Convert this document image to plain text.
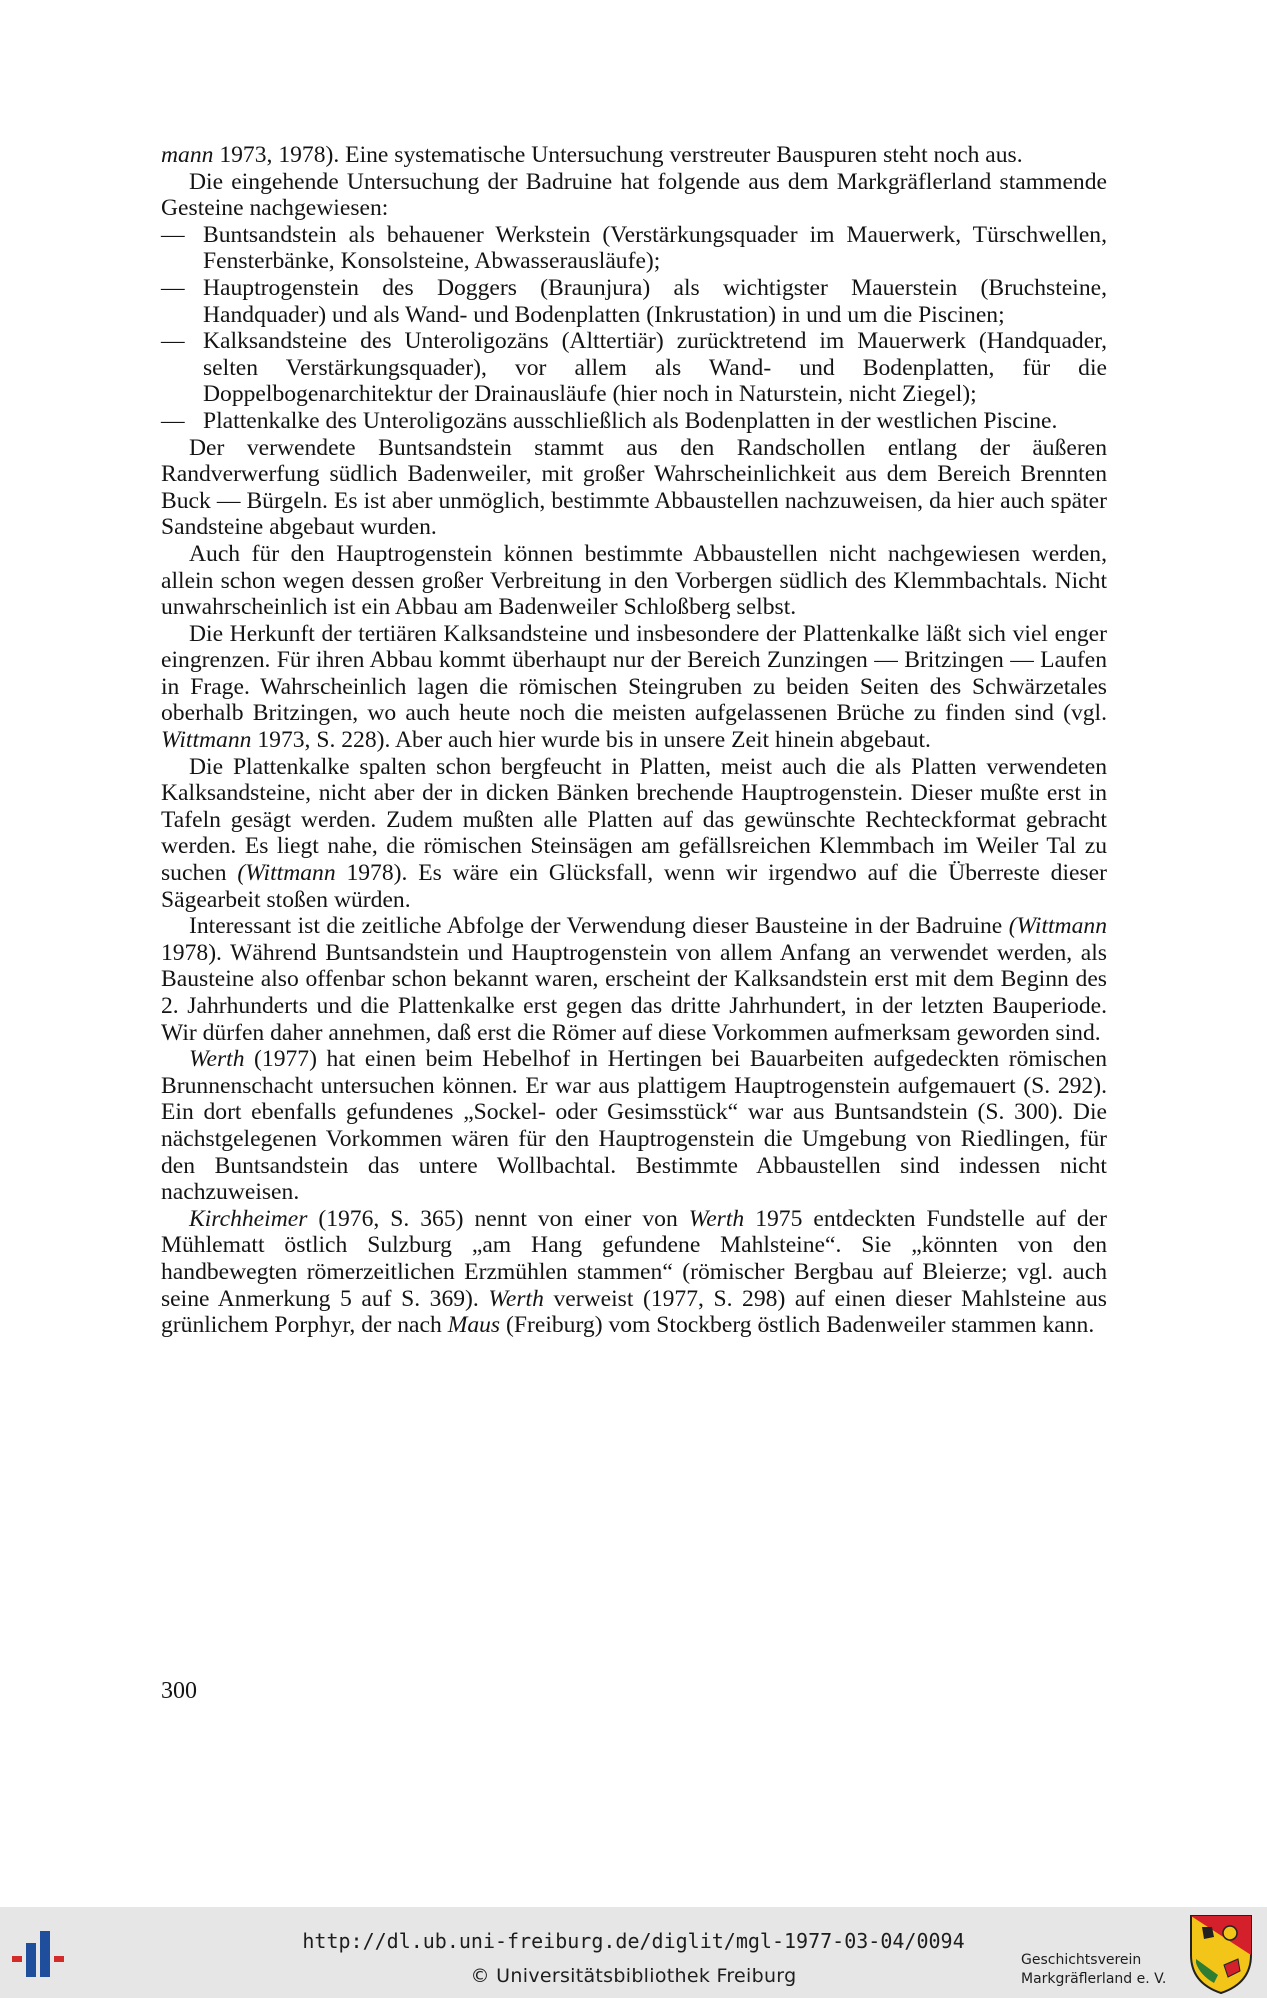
mann 1973, 1978). Eine systematische Untersuchung verstreuter Bauspuren steht noch aus.

Die eingehende Untersuchung der Badruine hat folgende aus dem Markgräflerland stammende Gesteine nachgewiesen:

— Buntsandstein als behauener Werkstein (Verstärkungsquader im Mauerwerk, Türschwellen, Fensterbänke, Konsolsteine, Abwasserausläufe);

— Hauptrogenstein des Doggers (Braunjura) als wichtigster Mauerstein (Bruchsteine, Handquader) und als Wand- und Bodenplatten (Inkrustation) in und um die Piscinen;

— Kalksandsteine des Unteroligozäns (Alttertiär) zurücktretend im Mauerwerk (Handquader, selten Verstärkungsquader), vor allem als Wand- und Bodenplatten, für die Doppelbogenarchitektur der Drainausläufe (hier noch in Naturstein, nicht Ziegel);

— Plattenkalke des Unteroligozäns ausschließlich als Bodenplatten in der westlichen Piscine.

Der verwendete Buntsandstein stammt aus den Randschollen entlang der äußeren Randverwerfung südlich Badenweiler, mit großer Wahrscheinlichkeit aus dem Bereich Brennten Buck — Bürgeln. Es ist aber unmöglich, bestimmte Abbaustellen nachzuweisen, da hier auch später Sandsteine abgebaut wurden.

Auch für den Hauptrogenstein können bestimmte Abbaustellen nicht nachgewiesen werden, allein schon wegen dessen großer Verbreitung in den Vorbergen südlich des Klemmbachtals. Nicht unwahrscheinlich ist ein Abbau am Badenweiler Schloßberg selbst.

Die Herkunft der tertiären Kalksandsteine und insbesondere der Plattenkalke läßt sich viel enger eingrenzen. Für ihren Abbau kommt überhaupt nur der Bereich Zunzingen — Britzingen — Laufen in Frage. Wahrscheinlich lagen die römischen Steingruben zu beiden Seiten des Schwärzetales oberhalb Britzingen, wo auch heute noch die meisten aufgelassenen Brüche zu finden sind (vgl. Wittmann 1973, S. 228). Aber auch hier wurde bis in unsere Zeit hinein abgebaut.

Die Plattenkalke spalten schon bergfeucht in Platten, meist auch die als Platten verwendeten Kalksandsteine, nicht aber der in dicken Bänken brechende Hauptrogenstein. Dieser mußte erst in Tafeln gesägt werden. Zudem mußten alle Platten auf das gewünschte Rechteckformat gebracht werden. Es liegt nahe, die römischen Steinsägen am gefällsreichen Klemmbach im Weiler Tal zu suchen (Wittmann 1978). Es wäre ein Glücksfall, wenn wir irgendwo auf die Überreste dieser Sägearbeit stoßen würden.

Interessant ist die zeitliche Abfolge der Verwendung dieser Bausteine in der Badruine (Wittmann 1978). Während Buntsandstein und Hauptrogenstein von allem Anfang an verwendet werden, als Bausteine also offenbar schon bekannt waren, erscheint der Kalksandstein erst mit dem Beginn des 2. Jahrhunderts und die Plattenkalke erst gegen das dritte Jahrhundert, in der letzten Bauperiode. Wir dürfen daher annehmen, daß erst die Römer auf diese Vorkommen aufmerksam geworden sind.

Werth (1977) hat einen beim Hebelhof in Hertingen bei Bauarbeiten aufgedeckten römischen Brunnenschacht untersuchen können. Er war aus plattigem Hauptrogenstein aufgemauert (S. 292). Ein dort ebenfalls gefundenes „Sockel- oder Gesimsstück“ war aus Buntsandstein (S. 300). Die nächstgelegenen Vorkommen wären für den Hauptrogenstein die Umgebung von Riedlingen, für den Buntsandstein das untere Wollbachtal. Bestimmte Abbaustellen sind indessen nicht nachzuweisen.

Kirchheimer (1976, S. 365) nennt von einer von Werth 1975 entdeckten Fundstelle auf der Mühlematt östlich Sulzburg „am Hang gefundene Mahlsteine“. Sie „könnten von den handbewegten römerzeitlichen Erzmühlen stammen“ (römischer Bergbau auf Bleierze; vgl. auch seine Anmerkung 5 auf S. 369). Werth verweist (1977, S. 298) auf einen dieser Mahlsteine aus grünlichem Porphyr, der nach Maus (Freiburg) vom Stockberg östlich Badenweiler stammen kann.

300
http://dl.ub.uni-freiburg.de/diglit/mgl-1977-03-04/0094
© Universitätsbibliothek Freiburg
Geschichtsverein
Markgräflerland e. V.
